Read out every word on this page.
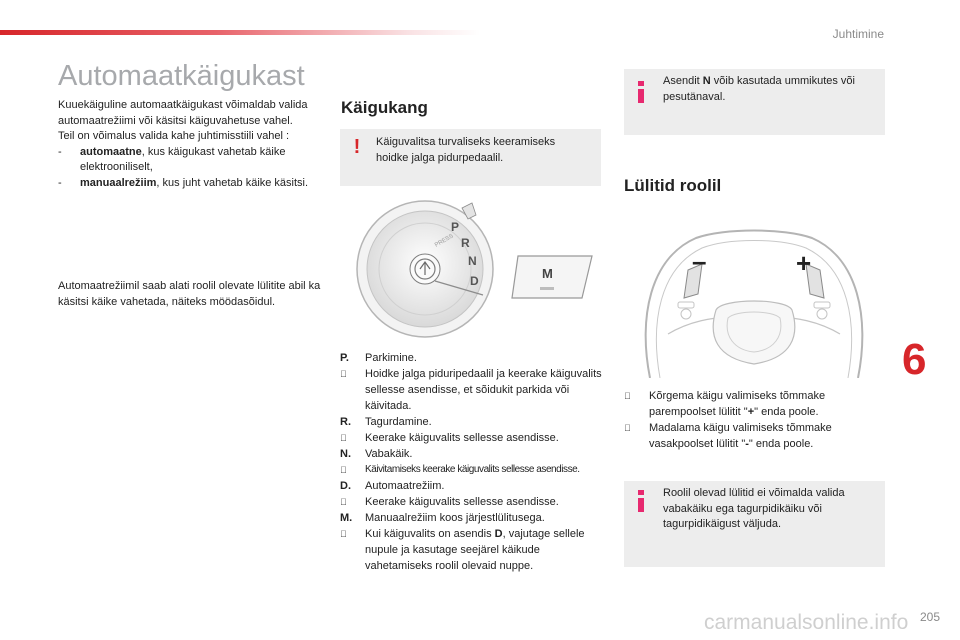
Juhtimine
Automaatkäigukast

Kuuekäiguline automaatkäigukast võimaldab valida automaatrežiimi või käsitsi käiguvahetuse vahel.

Teil on võimalus valida kahe juhtimisstiili vahel :

-	automaatne, kus käigukast vahetab käike elektrooniliselt,
-	manuaalrežiim, kus juht vahetab käike käsitsi.
Automaatrežiimil saab alati roolil olevate lülitite abil ka käsitsi käike vahetada, näiteks möödasõidul.
Käigukang
! Käiguvalitsa turvaliseks keeramiseks hoidke jalga pidurpedaalil.
PRESS
P
R
N
D	M
P.	Parkimine.
Hoidke jalga piduripedaalil ja keerake käiguvalits sellesse asendisse, et sõidukit parkida või käivitada.
R.	Tagurdamine.
Keerake käiguvalits sellesse asendisse.
N.	Vabakäik.
Käivitamiseks keerake käiguvalits sellesse asendisse.
D.	Automaatrežiim.
Keerake käiguvalits sellesse asendisse.
M.	Manuaalrežiim koos järjestlülitusega.
Kui käiguvalits on asendis D, vajutage sellele nupule ja kasutage seejärel käikude vahetamiseks roolil olevaid nuppe.
Asendit N võib kasutada ummikutes või pesutänaval.
Lülitid roolil
–	+
Kõrgema käigu valimiseks tõmmake parempoolset lülitit "+" enda poole.
Madalama käigu valimiseks tõmmake vasakpoolset lülitit "-" enda poole.
Roolil olevad lülitid ei võimalda valida vabakäiku ega tagurpidikäiku või tagurpidikäigust väljuda.
6
carmanualsonline.info 205
